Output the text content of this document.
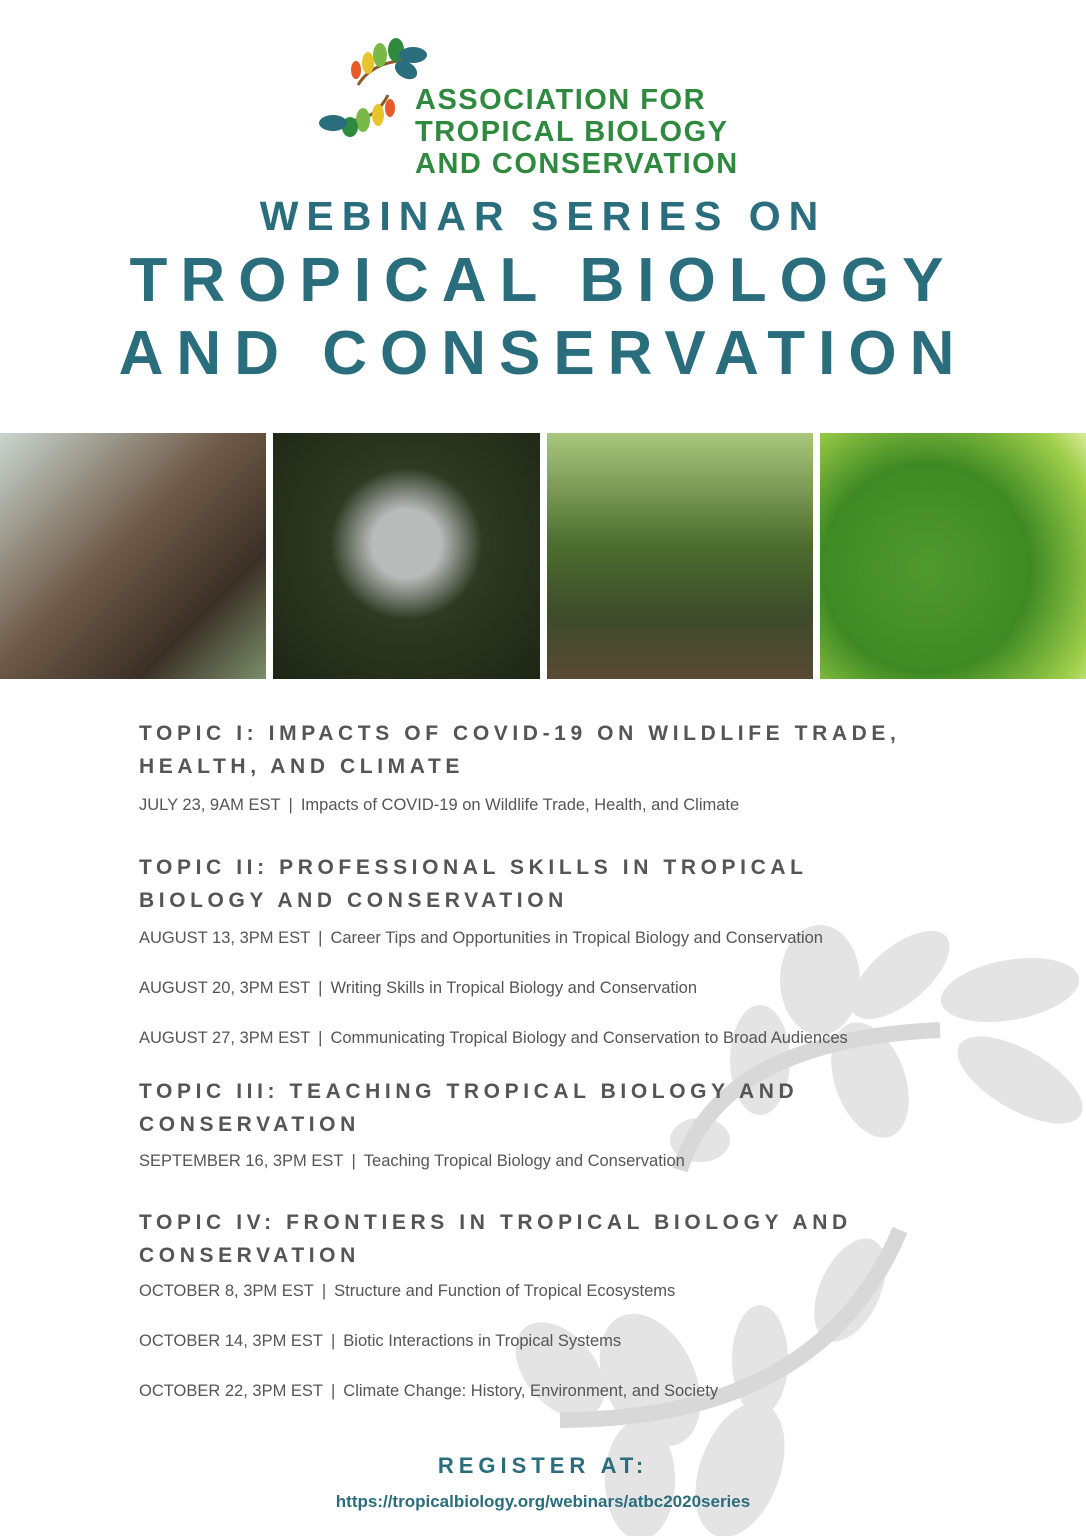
ASSOCIATION FOR
TROPICAL BIOLOGY
AND CONSERVATION
WEBINAR SERIES ON
TROPICAL BIOLOGY
AND CONSERVATION
TOPIC I: IMPACTS OF COVID-19 ON WILDLIFE TRADE,
HEALTH, AND CLIMATE
JULY 23, 9AM EST | Impacts of COVID-19 on Wildlife Trade, Health, and Climate
TOPIC II: PROFESSIONAL SKILLS IN TROPICAL
BIOLOGY AND CONSERVATION
AUGUST 13, 3PM EST | Career Tips and Opportunities in Tropical Biology and Conservation
AUGUST 20, 3PM EST | Writing Skills in Tropical Biology and Conservation
AUGUST 27, 3PM EST | Communicating Tropical Biology and Conservation to Broad Audiences
TOPIC III: TEACHING TROPICAL BIOLOGY AND
CONSERVATION
SEPTEMBER 16, 3PM EST | Teaching Tropical Biology and Conservation
TOPIC IV: FRONTIERS IN TROPICAL BIOLOGY AND
CONSERVATION
OCTOBER 8, 3PM EST | Structure and Function of Tropical Ecosystems
OCTOBER 14, 3PM EST | Biotic Interactions in Tropical Systems
OCTOBER 22, 3PM EST | Climate Change: History, Environment, and Society
REGISTER AT:
https://tropicalbiology.org/webinars/atbc2020series
